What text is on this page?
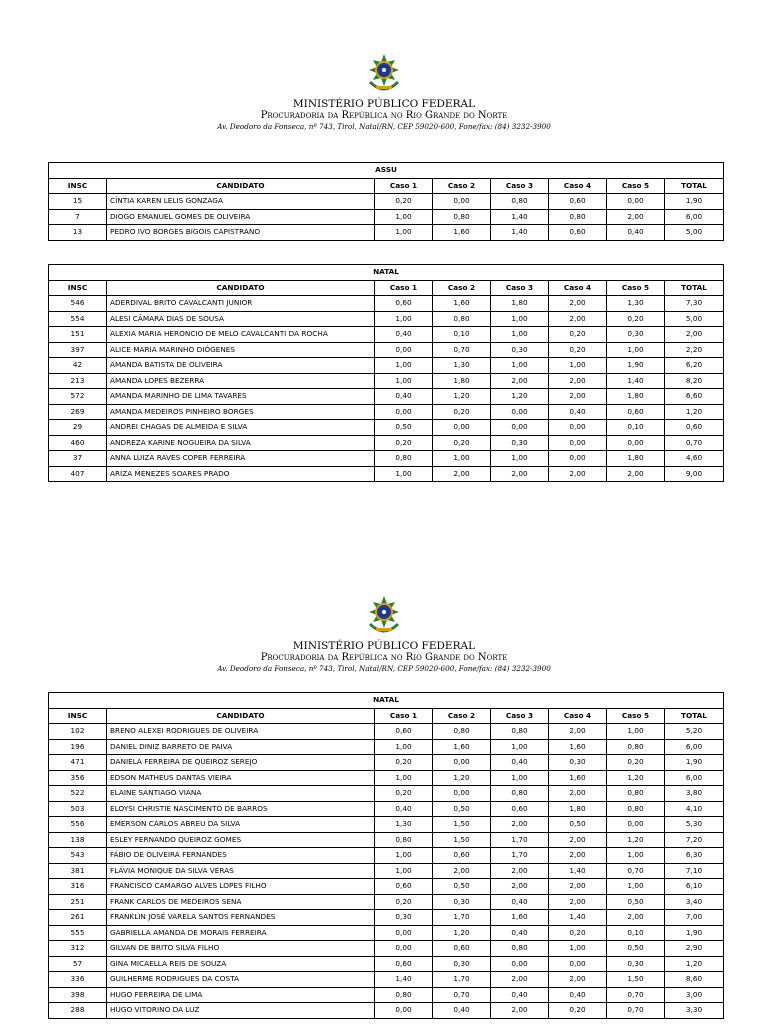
MINISTÉRIO PÚBLICO FEDERAL
Procuradoria da República no Rio Grande do Norte
Av. Deodoro da Fonseca, nº 743, Tirol, Natal/RN, CEP 59020-600, Fone/fax: (84) 3232-3900
MINISTÉRIO PÚBLICO FEDERAL
Procuradoria da República no Rio Grande do Norte
Av. Deodoro da Fonseca, nº 743, Tirol, Natal/RN, CEP 59020-600, Fone/fax: (84) 3232-3900
ASSU							
INSC	CANDIDATO	Caso 1	Caso 2	Caso 3	Caso 4	Caso 5	TOTAL
15	CÍNTIA KAREN LELIS GONZAGA	0,20	0,00	0,80	0,60	0,00	1,90
7	DIOGO EMANUEL GOMES DE OLIVEIRA	1,00	0,80	1,40	0,80	2,00	6,00
13	PEDRO IVO BORGES BIGOIS CAPISTRANO	1,00	1,60	1,40	0,60	0,40	5,00
NATAL							
INSC	CANDIDATO	Caso 1	Caso 2	Caso 3	Caso 4	Caso 5	TOTAL
546	ADERDIVAL BRITO CAVALCANTI JUNIOR	0,60	1,60	1,80	2,00	1,30	7,30
554	ALESI CÂMARA DIAS DE SOUSA	1,00	0,80	1,00	2,00	0,20	5,00
151	ALEXIA MARIA HERONCIO DE MELO CAVALCANTI DA ROCHA	0,40	0,10	1,00	0,20	0,30	2,00
397	ALICE MARIA MARINHO DIÓGENES	0,00	0,70	0,30	0,20	1,00	2,20
42	AMANDA BATISTA DE OLIVEIRA	1,00	1,30	1,00	1,00	1,90	6,20
213	AMANDA LOPES BEZERRA	1,00	1,80	2,00	2,00	1,40	8,20
572	AMANDA MARINHO DE LIMA TAVARES	0,40	1,20	1,20	2,00	1,80	6,60
269	AMANDA MEDEIROS PINHEIRO BORGES	0,00	0,20	0,00	0,40	0,60	1,20
29	ANDREI CHAGAS DE ALMEIDA E SILVA	0,50	0,00	0,00	0,00	0,10	0,60
460	ANDREZA KARINE NOGUEIRA DA SILVA	0,20	0,20	0,30	0,00	0,00	0,70
37	ANNA LUIZA RAVES COPER FERREIRA	0,80	1,00	1,00	0,00	1,80	4,60
407	ARIZA MENEZES SOARES PRADO	1,00	2,00	2,00	2,00	2,00	9,00
NATAL							
INSC	CANDIDATO	Caso 1	Caso 2	Caso 3	Caso 4	Caso 5	TOTAL
102	BRENO ALEXEI RODRIGUES DE OLIVEIRA	0,60	0,80	0,80	2,00	1,00	5,20
196	DANIEL DINIZ BARRETO DE PAIVA	1,00	1,60	1,00	1,60	0,80	6,00
471	DANIELA FERREIRA DE QUEIROZ SEREJO	0,20	0,00	0,40	0,30	0,20	1,90
356	EDSON MATHEUS DANTAS VIEIRA	1,00	1,20	1,00	1,60	1,20	6,00
522	ELAINE SANTIAGO VIANA	0,20	0,00	0,80	2,00	0,80	3,80
503	ELOYSI CHRISTIE NASCIMENTO DE BARROS	0,40	0,50	0,60	1,80	0,80	4,10
556	EMERSON CARLOS ABREU DA SILVA	1,30	1,50	2,00	0,50	0,00	5,30
138	ESLEY FERNANDO QUEIROZ GOMES	0,80	1,50	1,70	2,00	1,20	7,20
543	FÁBIO DE OLIVEIRA FERNANDES	1,00	0,60	1,70	2,00	1,00	6,30
381	FLÁVIA MONIQUE DA SILVA VERAS	1,00	2,00	2,00	1,40	0,70	7,10
316	FRANCISCO CAMARGO ALVES LOPES FILHO	0,60	0,50	2,00	2,00	1,00	6,10
251	FRANK CARLOS DE MEDEIROS SENA	0,20	0,30	0,40	2,00	0,50	3,40
261	FRANKLIN JOSÉ VARELA SANTOS FERNANDES	0,30	1,70	1,60	1,40	2,00	7,00
555	GABRIELLA AMANDA DE MORAIS FERREIRA	0,00	1,20	0,40	0,20	0,10	1,90
312	GILVAN DE BRITO SILVA FILHO	0,00	0,60	0,80	1,00	0,50	2,90
57	GINA MICAELLA REIS DE SOUZA	0,60	0,30	0,00	0,00	0,30	1,20
336	GUILHERME RODRIGUES DA COSTA	1,40	1,70	2,00	2,00	1,50	8,60
398	HUGO FERREIRA DE LIMA	0,80	0,70	0,40	0,40	0,70	3,00
288	HUGO VITORINO DA LUZ	0,00	0,40	2,00	0,20	0,70	3,30
